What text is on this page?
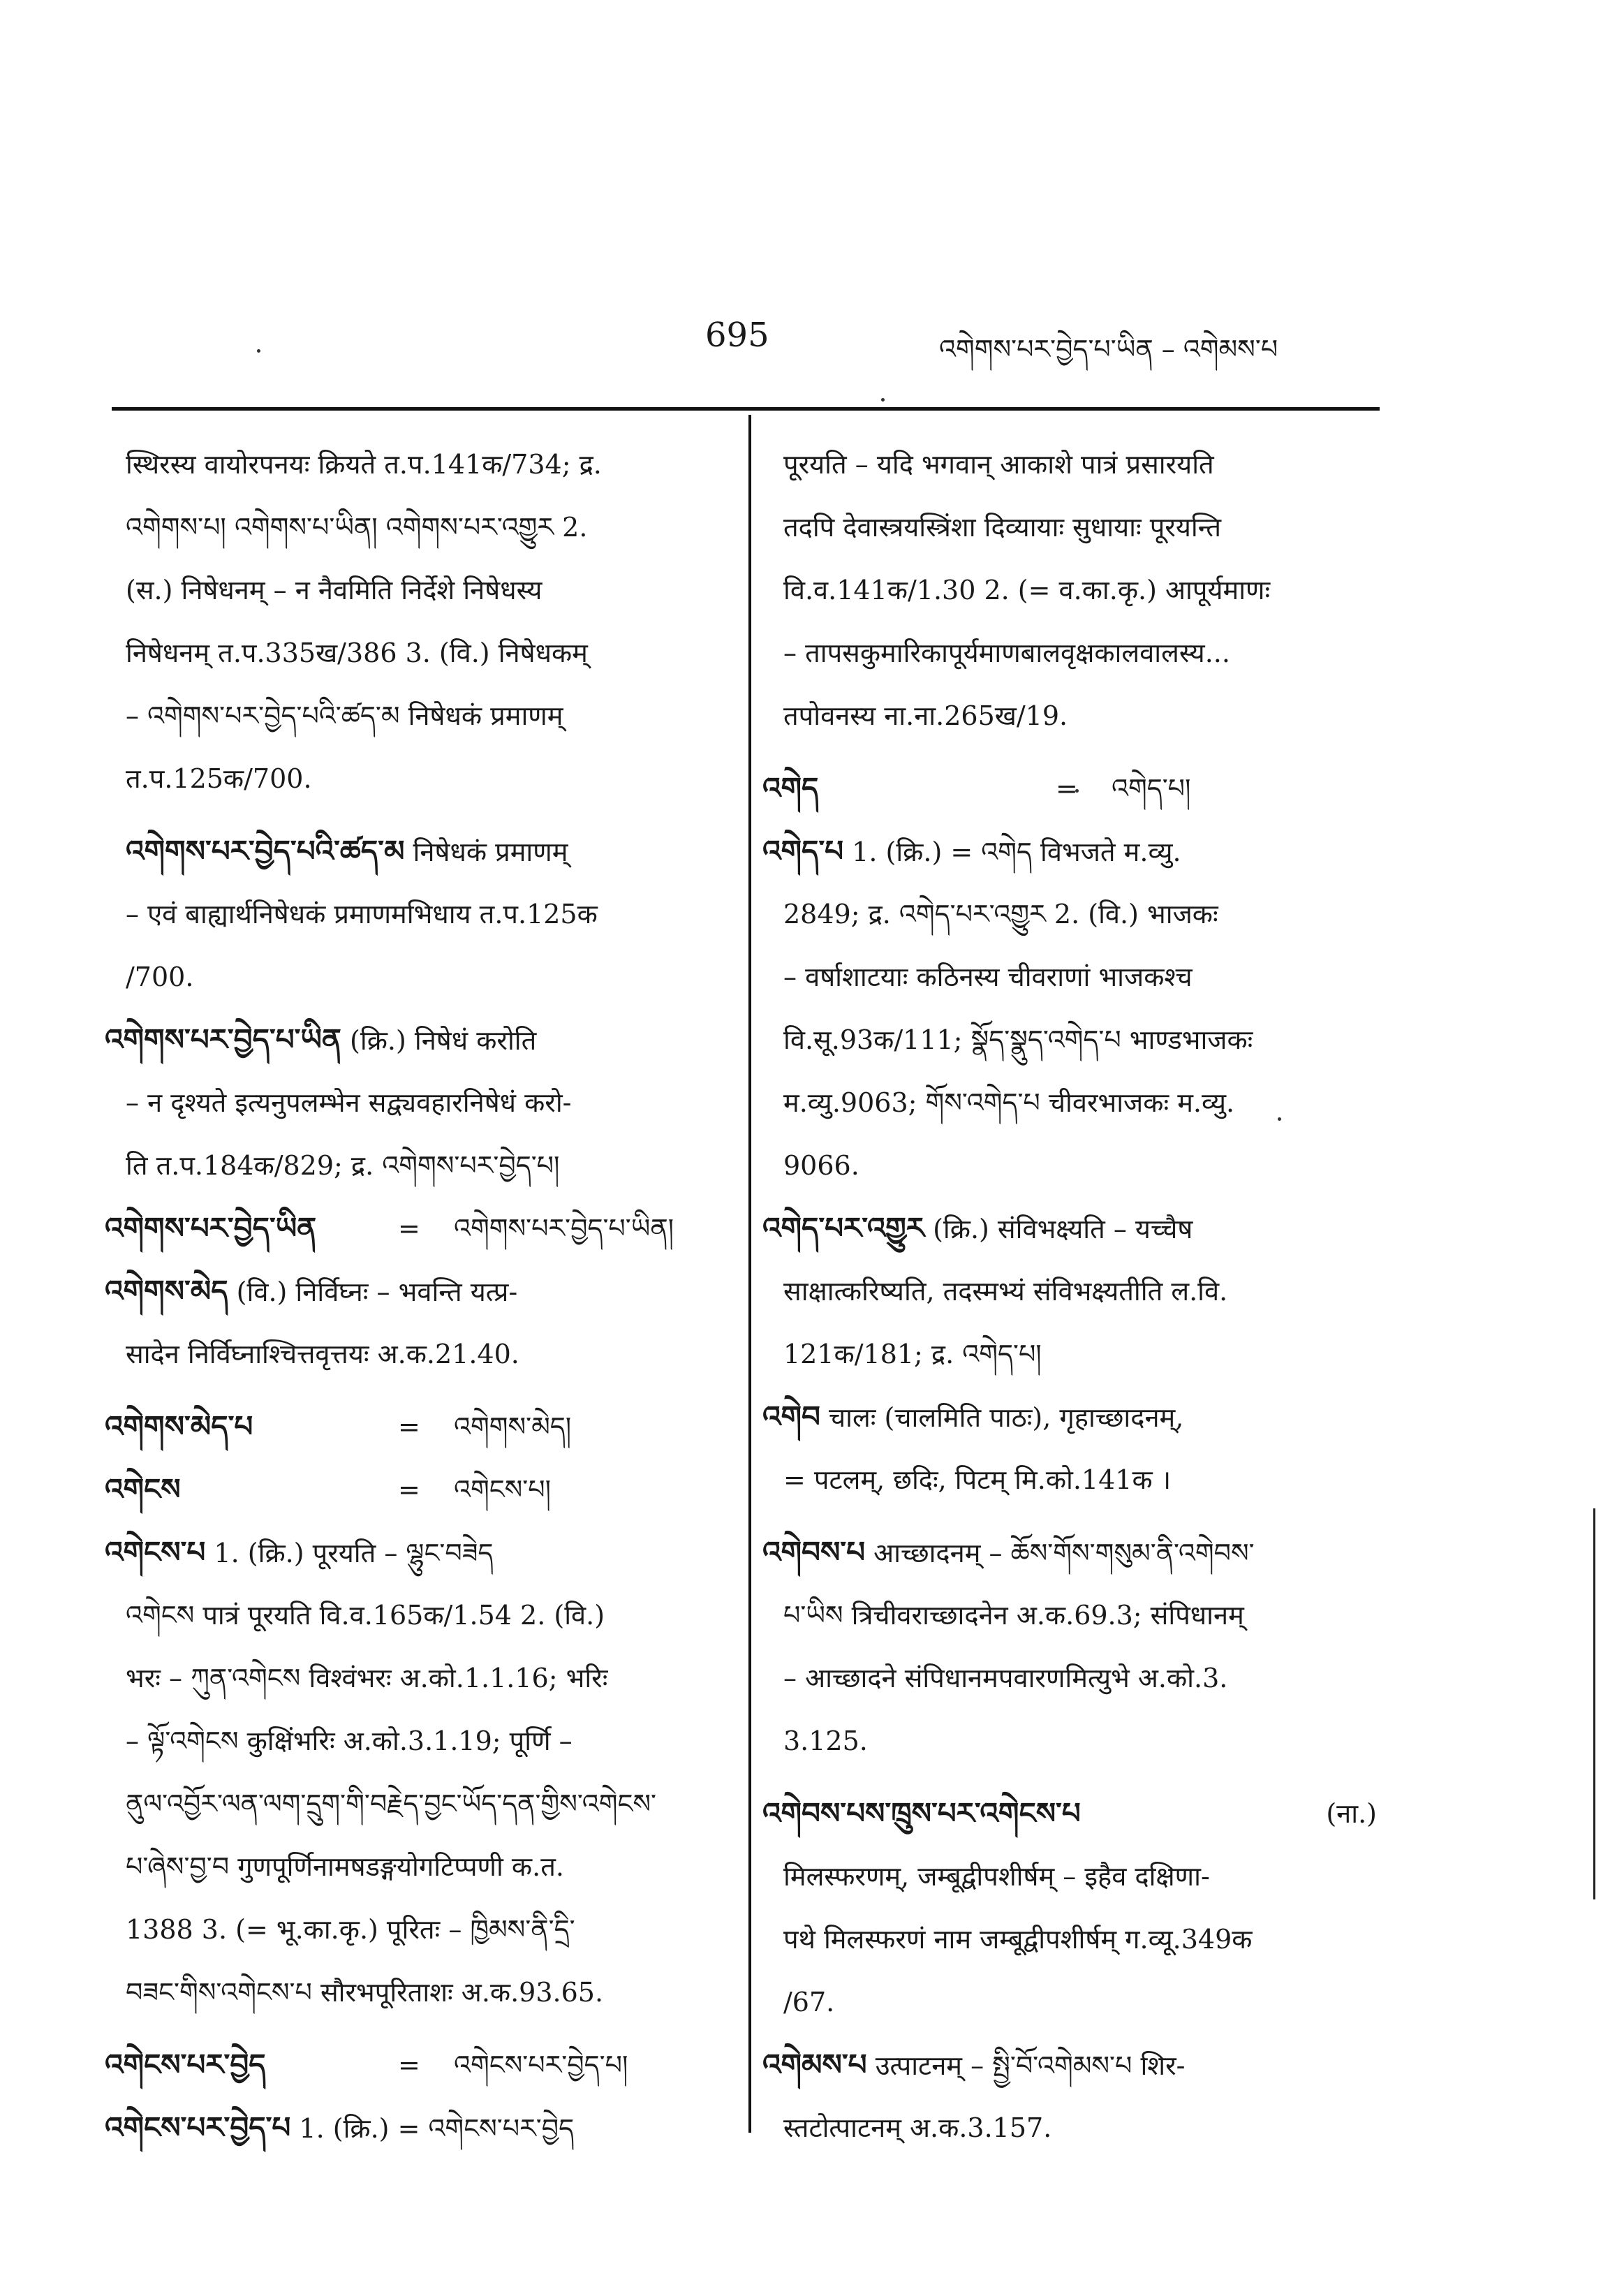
695	འགེགས་པར་བྱེད་པ་ཡིན – འགེམས་པ
स्थिरस्य वायोरपनयः क्रियते त.प.141क/734; द्र.
འགེགས་པ། འགེགས་པ་ཡིན། འགེགས་པར་འགྱུར 2.
(स.) निषेधनम् – न नैवमिति निर्देशे निषेधस्य
निषेधनम् त.प.335ख/386 3. (वि.) निषेधकम्
– འགེགས་པར་བྱེད་པའི་ཚད་མ निषेधकं प्रमाणम्
त.प.125क/700.
འགེགས་པར་བྱེད་པའི་ཚད་མ निषेधकं प्रमाणम्
– एवं बाह्यार्थनिषेधकं प्रमाणमभिधाय त.प.125क
/700.
འགེགས་པར་བྱེད་པ་ཡིན (क्रि.) निषेधं करोति
– न दृश्यते इत्यनुपलम्भेन सद्व्यवहारनिषेधं करो-
ति त.प.184क/829; द्र. འགེགས་པར་བྱེད་པ།
འགེགས་པར་བྱེད་ཡིན	= འགེགས་པར་བྱེད་པ་ཡིན།
འགེགས་མེད (वि.) निर्विघ्नः – भवन्ति यत्प्र-
सादेन निर्विघ्नाश्चित्तवृत्तयः अ.क.21.40.
འགེགས་མེད་པ	= འགེགས་མེད།
འགེངས	= འགེངས་པ།
འགེངས་པ 1. (क्रि.) पूरयति – ལྷུང་བཟེད
འགེངས पात्रं पूरयति वि.व.165क/1.54 2. (वि.)
भरः – ཀུན་འགེངས विश्वंभरः अ.को.1.1.16; भरिः
– ལྟོ་འགེངས कुक्षिंभरिः अ.को.3.1.19; पूर्णि –
ནུལ་འབྱོར་ལན་ལག་དྲུག་གི་བརྗེད་བྱང་ཡོད་དན་གྱིས་འགེངས་
པ་ཞེས་བྱ་བ गुणपूर्णिनामषडङ्गयोगटिप्पणी क.त.
1388 3. (= भू.का.कृ.) पूरितः – ཁྱིམས་ནི་དྲི་
བཟང་གིས་འགེངས་པ सौरभपूरिताशः अ.क.93.65.
འགེངས་པར་བྱེད	= འགེངས་པར་བྱེད་པ།
འགེངས་པར་བྱེད་པ 1. (क्रि.) = འགེངས་པར་བྱེད
पूरयति – यदि भगवान् आकाशे पात्रं प्रसारयति
तदपि देवास्त्रयस्त्रिंशा दिव्यायाः सुधायाः पूरयन्ति
वि.व.141क/1.30 2. (= व.का.कृ.) आपूर्यमाणः
– तापसकुमारिकापूर्यमाणबालवृक्षकालवालस्य...
तपोवनस्य ना.ना.265ख/19.
འགེད	= འགེད་པ།
འགེད་པ 1. (क्रि.) = འགེད विभजते म.व्यु.
2849; द्र. འགེད་པར་འགྱུར 2. (वि.) भाजकः
– वर्षाशाटयाः कठिनस्य चीवराणां भाजकश्च
वि.सू.93क/111; སྣོད་སྣུད་འགེད་པ भाण्डभाजकः
म.व्यु.9063; གོས་འགེད་པ चीवरभाजकः म.व्यु.
9066.
འགེད་པར་འགྱུར (क्रि.) संविभक्ष्यति – यच्चैष
साक्षात्करिष्यति, तदस्मभ्यं संविभक्ष्यतीति ल.वि.
121क/181; द्र. འགེད་པ།
འགེབ चालः (चालमिति पाठः), गृहाच्छादनम्,
= पटलम्, छदिः, पिटम् मि.को.141क ।
འགེབས་པ आच्छादनम् – ཆོས་གོས་གསུམ་ནི་འགེབས་
པ་ཡིས त्रिचीवराच्छादनेन अ.क.69.3; संपिधानम्
– आच्छादने संपिधानमपवारणमित्युभे अ.को.3.
3.125.
འགེབས་པས་ཁྲུས་པར་འགེངས་པ	(ना.)
मिलस्फरणम्, जम्बूद्वीपशीर्षम् – इहैव दक्षिणा-
पथे मिलस्फरणं नाम जम्बूद्वीपशीर्षम् ग.व्यू.349क
/67.
འགེམས་པ उत्पाटनम् – སྤྱི་བོ་འགེམས་པ शिर-
स्तटोत्पाटनम् अ.क.3.157.
